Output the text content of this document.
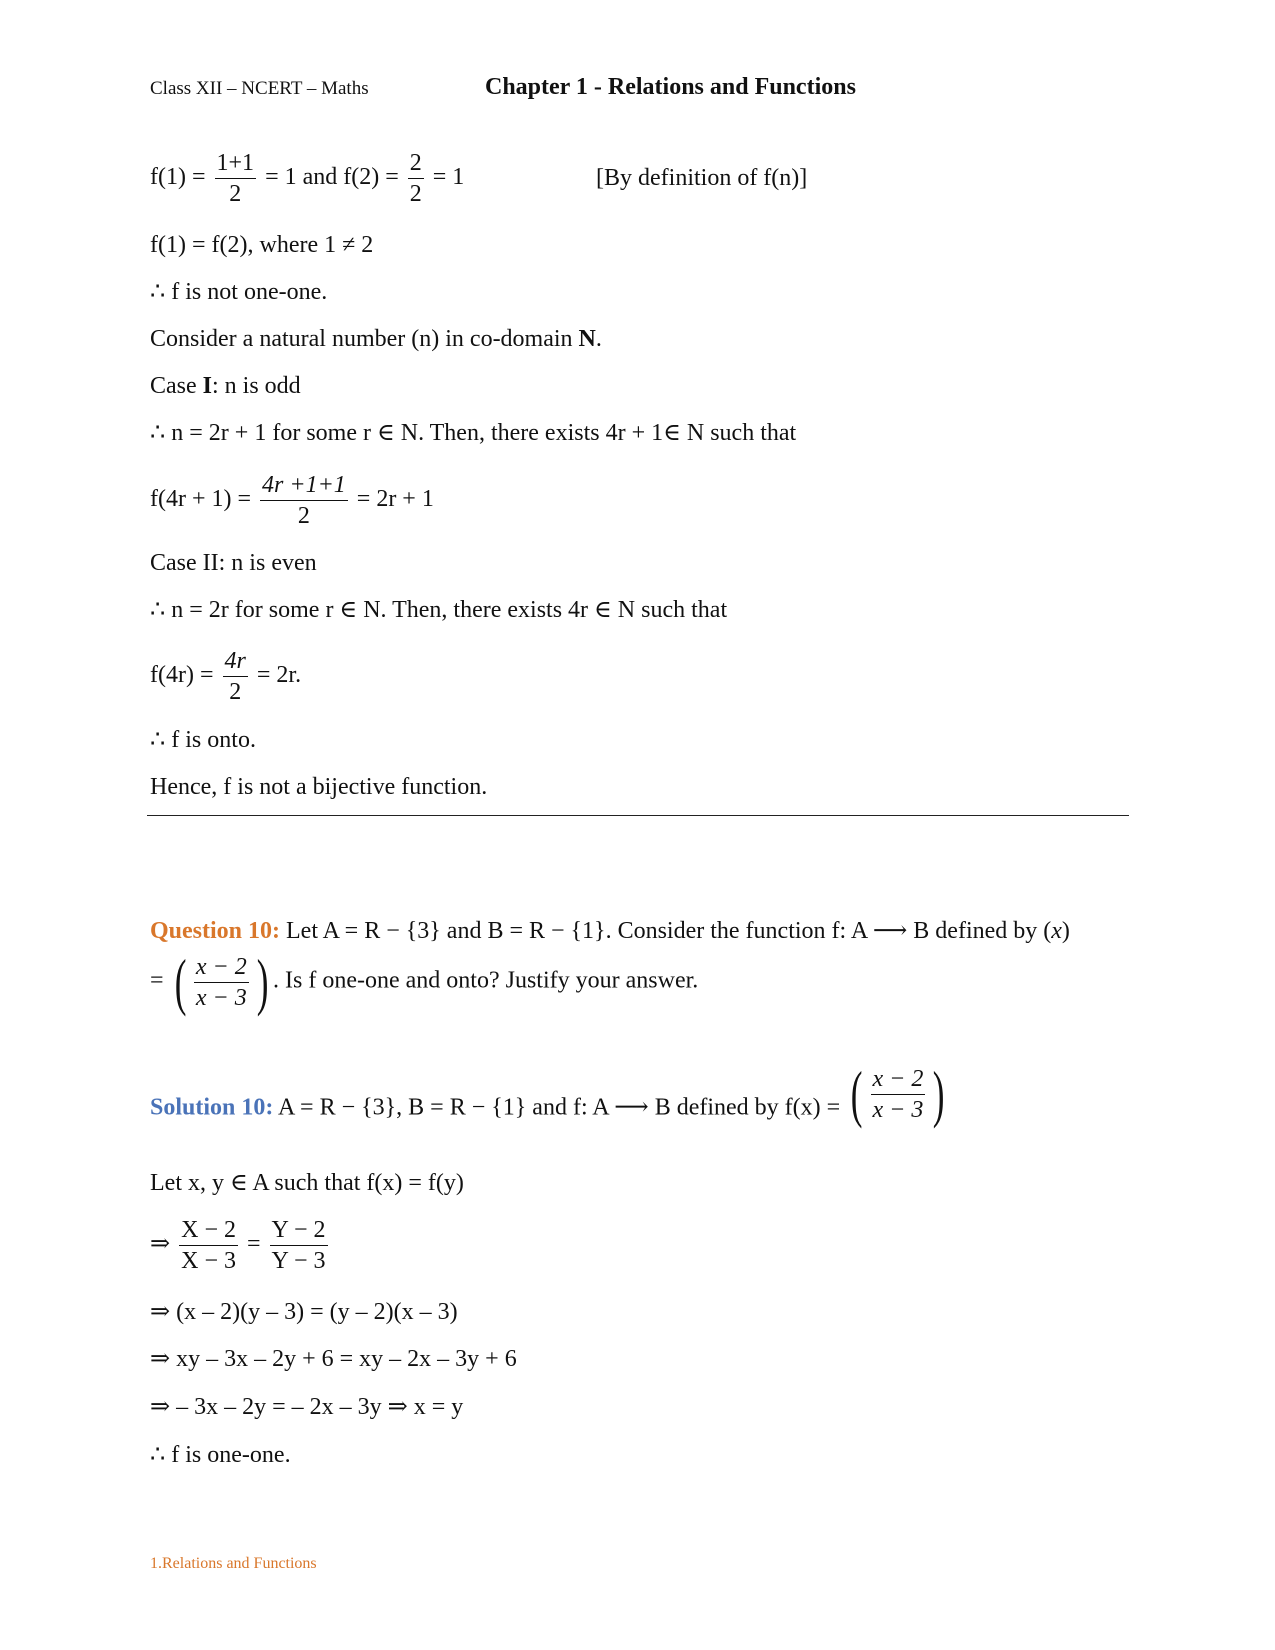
Class XII – NCERT – Maths	Chapter 1 - Relations and Functions
$f(1) = \frac{1+1}{2} = 1$ and $f(2) = \frac{2}{2} = 1$	[By definition of f(n)]
f(1) = f(2), where 1 ≠ 2
∴ f is not one-one.
Consider a natural number (n) in co-domain N.
Case I: n is odd
∴ n = 2r + 1 for some r ∈ N. Then, there exists 4r + 1∈ N such that
$f(4r + 1) = \frac{4r +1+1}{2} = 2r + 1$
Case II: n is even
∴ n = 2r for some r ∈ N. Then, there exists 4r ∈ N such that
$f(4r) = \frac{4r}{2} = 2r$.
∴ f is onto.
Hence, f is not a bijective function.
Question 10: Let A = R − {3} and B = R − {1}. Consider the function f: A ⟶ B defined by (x)
= ( $\frac{x - 2}{x - 3}$ ) . Is f one-one and onto? Justify your answer.
Solution 10: A = R − {3}, B = R − {1} and f: A ⟶ B defined by f(x) = ( $\frac{x - 2}{x - 3}$ )
Let x, y ∈ A such that f(x) = f(y)
⇒ $\frac{X - 2}{X - 3} = \frac{Y - 2}{Y - 3}$
⇒ (x – 2)(y – 3) = (y – 2)(x – 3)
⇒ xy – 3x – 2y + 6 = xy – 2x – 3y + 6
⇒ – 3x – 2y = – 2x – 3y ⇒ x = y
∴ f is one-one.
1.Relations and Functions
